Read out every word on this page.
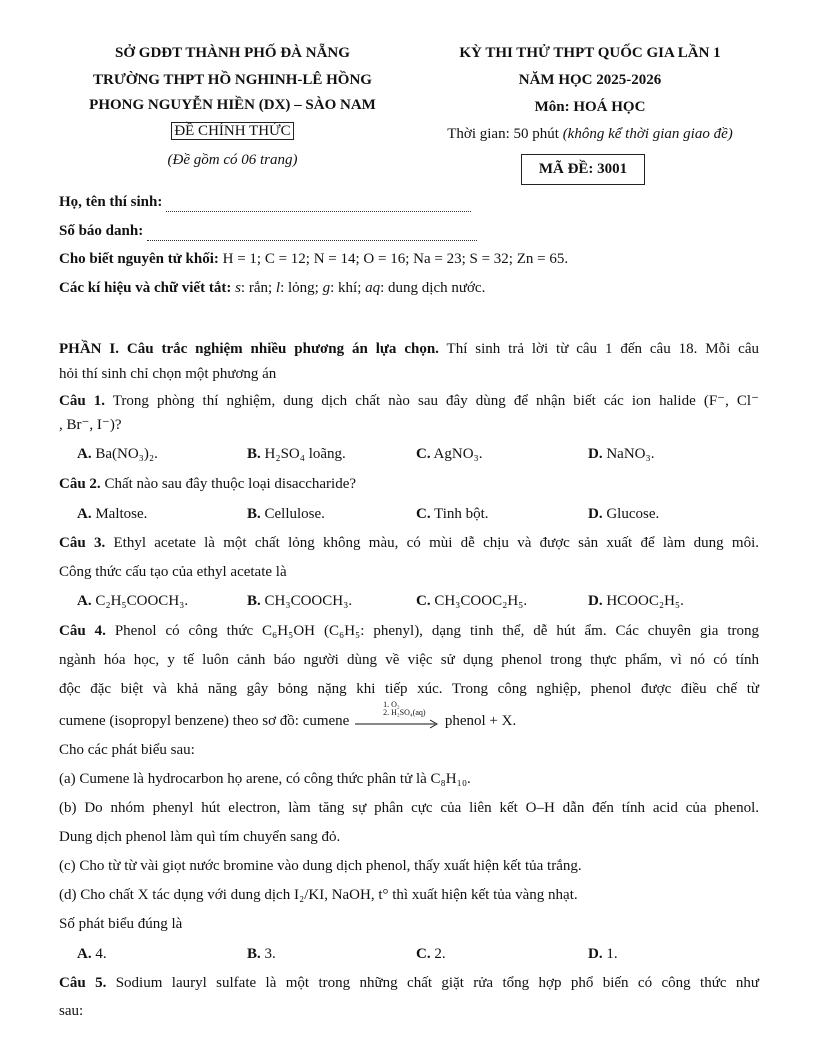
SỞ GDĐT THÀNH PHỐ ĐÀ NẴNG
TRƯỜNG THPT HỒ NGHINH-LÊ HỒNG
PHONG NGUYỄN HIỀN (DX) – SÀO NAM
ĐỀ CHÍNH THỨC
(Đề gồm có 06 trang)
KỲ THI THỬ THPT QUỐC GIA LẦN 1
NĂM HỌC 2025-2026
Môn: HOÁ HỌC
Thời gian: 50 phút (không kể thời gian giao đề)
MÃ ĐỀ: 3001
Họ, tên thí sinh:
Số báo danh:
Cho biết nguyên tử khối: H = 1; C = 12; N = 14; O = 16; Na = 23; S = 32; Zn = 65.
Các kí hiệu và chữ viết tắt: s: rắn; l: lỏng; g: khí; aq: dung dịch nước.
PHẦN I. Câu trắc nghiệm nhiều phương án lựa chọn. Thí sinh trả lời từ câu 1 đến câu 18. Mỗi câu
hỏi thí sinh chỉ chọn một phương án
Câu 1. Trong phòng thí nghiệm, dung dịch chất nào sau đây dùng để nhận biết các ion halide (F⁻, Cl⁻
, Br⁻, I⁻)?
A. Ba(NO₃)₂.	B. H₂SO₄ loãng.	C. AgNO₃.	D. NaNO₃.
Câu 2. Chất nào sau đây thuộc loại disaccharide?
A. Maltose.	B. Cellulose.	C. Tinh bột.	D. Glucose.
Câu 3. Ethyl acetate là một chất lỏng không màu, có mùi dễ chịu và được sản xuất để làm dung môi.
Công thức cấu tạo của ethyl acetate là
A. C₂H₅COOCH₃.	B. CH₃COOCH₃.	C. CH₃COOC₂H₅.	D. HCOOC₂H₅.
Câu 4. Phenol có công thức C₆H₅OH (C₆H₅: phenyl), dạng tinh thể, dễ hút ẩm. Các chuyên gia trong
ngành hóa học, y tế luôn cảnh báo người dùng về việc sử dụng phenol trong thực phẩm, vì nó có tính
độc đặc biệt và khả năng gây bỏng nặng khi tiếp xúc. Trong công nghiệp, phenol được điều chế từ
cumene (isopropyl benzene) theo sơ đồ: cumene
1. O₂
2. H₂SO₄(aq)
phenol + X.
Cho các phát biểu sau:
(a) Cumene là hydrocarbon họ arene, có công thức phân tử là C₈H₁₀.
(b) Do nhóm phenyl hút electron, làm tăng sự phân cực của liên kết O–H dẫn đến tính acid của phenol.
Dung dịch phenol làm quì tím chuyển sang đỏ.
(c) Cho từ từ vài giọt nước bromine vào dung dịch phenol, thấy xuất hiện kết tủa trắng.
(d) Cho chất X tác dụng với dung dịch I₂/KI, NaOH, t° thì xuất hiện kết tủa vàng nhạt.
Số phát biểu đúng là
A. 4.	B. 3.	C. 2.	D. 1.
Câu 5. Sodium lauryl sulfate là một trong những chất giặt rửa tổng hợp phổ biến có công thức như
sau:
